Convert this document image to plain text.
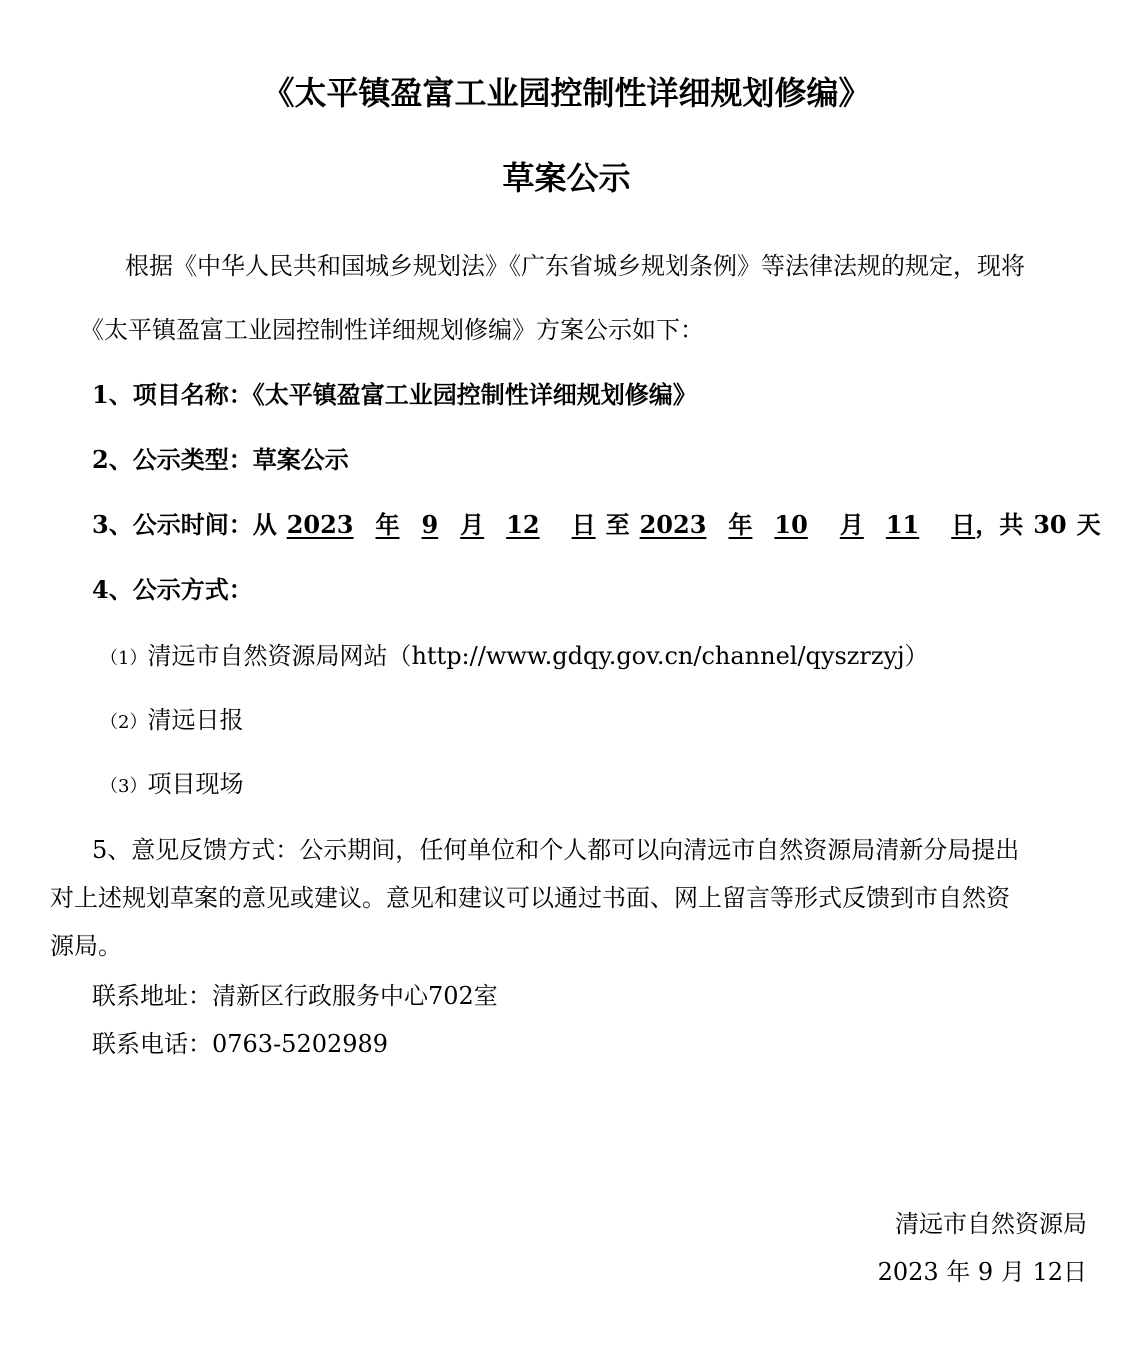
《太平镇盈富工业园控制性详细规划修编》
草案公示
根据《中华人民共和国城乡规划法》《广东省城乡规划条例》等法律法规的规定，现将
《太平镇盈富工业园控制性详细规划修编》方案公示如下：
1、项目名称：《太平镇盈富工业园控制性详细规划修编》
2、公示类型：草案公示
3、公示时间：从 2023 年 9 月 12 日 至 2023 年 10 月 11 日，共 30 天
4、公示方式：
（1）清远市自然资源局网站（http://www.gdqy.gov.cn/channel/qyszrzyj）
（2）清远日报
（3）项目现场
5、意见反馈方式：公示期间，任何单位和个人都可以向清远市自然资源局清新分局提出
对上述规划草案的意见或建议。意见和建议可以通过书面、网上留言等形式反馈到市自然资
源局。
联系地址：清新区行政服务中心702室
联系电话：0763-5202989
清远市自然资源局
2023 年 9 月 12日
